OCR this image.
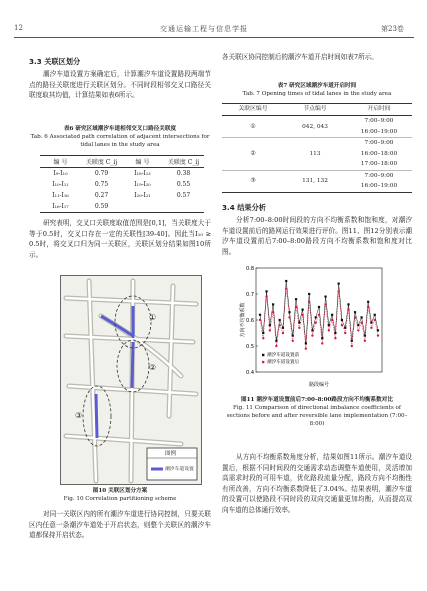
12	交通运输工程与信息学报	第23卷
3.3 关联区划分
潮汐车道设置方案确定后，计算潮汐车道设置路段两端节点的路径关联度进行关联区划分。不同时段相邻交叉口路径关联度取其均值，计算结果如表6所示。
表6 研究区域潮汐车道相邻交叉口路径关联度
Tab. 6 Associated path correlation of adjacent intersections for tidal lanes in the study area
编 号	关联度 C_ij	编 号	关联度 C_ij
I₉-I₁₀	0.79	I₁₈-I₁₃	0.38
I₁₀-I₁₁	0.75	I₁₉-I₂₀	0.55
I₁₁-I₁₆	0.27	I₂₀-I₂₁	0.57
I₁₆-I₁₇	0.59
研究表明，交叉口关联度取值范围是[0,1]，当关联度大于等于0.5时，交叉口存在一定的关联性[39-40]。因此当I₁₀ ≥ 0.5时，将交叉口归为同一关联区，关联区划分结果如图10所示。
①
②
③
图例
潮汐车道设置
图10 关联区划分方案
Fig. 10 Correlation partitioning scheme
对同一关联区内的所有潮汐车道进行协同控制，只要关联区内任意一条潮汐车道处于开启状态，则整个关联区的潮汐车道都保持开启状态。
各关联区协同控制后的潮汐车道开启时间如表7所示。
表7 研究区域潮汐车道开启时间
Tab. 7 Opening times of tidal lanes in the study area
关联区编号	节点编号	开启时间
①	042, 043
7:00–9:00
16:00–19:00
②	113
7:00–9:00
16:00–18:00
17:00–18:00
③	131, 132
7:00–9:00
16:00–19:00
3.4 结果分析
分析7:00–8:00时间段的方向不均衡系数和饱和度，对潮汐车道设置前后的路网运行效果进行评价。图11、图12分别表示潮汐车道设置前后7:00–8:00路段方向不均衡系数和饱和度对比图。
0.4
0.5
0.6
0.7
0.8
潮汐车道设置前
潮汐车道设置后
方向不均衡系数
路段编号
图11 潮汐车道设置前后7:00–8:00路段方向不均衡系数对比
Fig. 11 Comparison of directional imbalance coefficients of sections before and after reversible lane implementation (7:00–8:00)
从方向不均衡系数角度分析，结果如图11所示。潮汐车道设置后，根据不同时间段的交通需求动态调整车道使用，灵活增加高需求时段的可用车道，优化路段流量分配，路段方向不均衡性有所改善，方向不均衡系数降低了3.04%。结果表明，潮汐车道的设置可以使路段不同时段的双向交通量更加均衡，从而提高双向车道的总体通行效率。
